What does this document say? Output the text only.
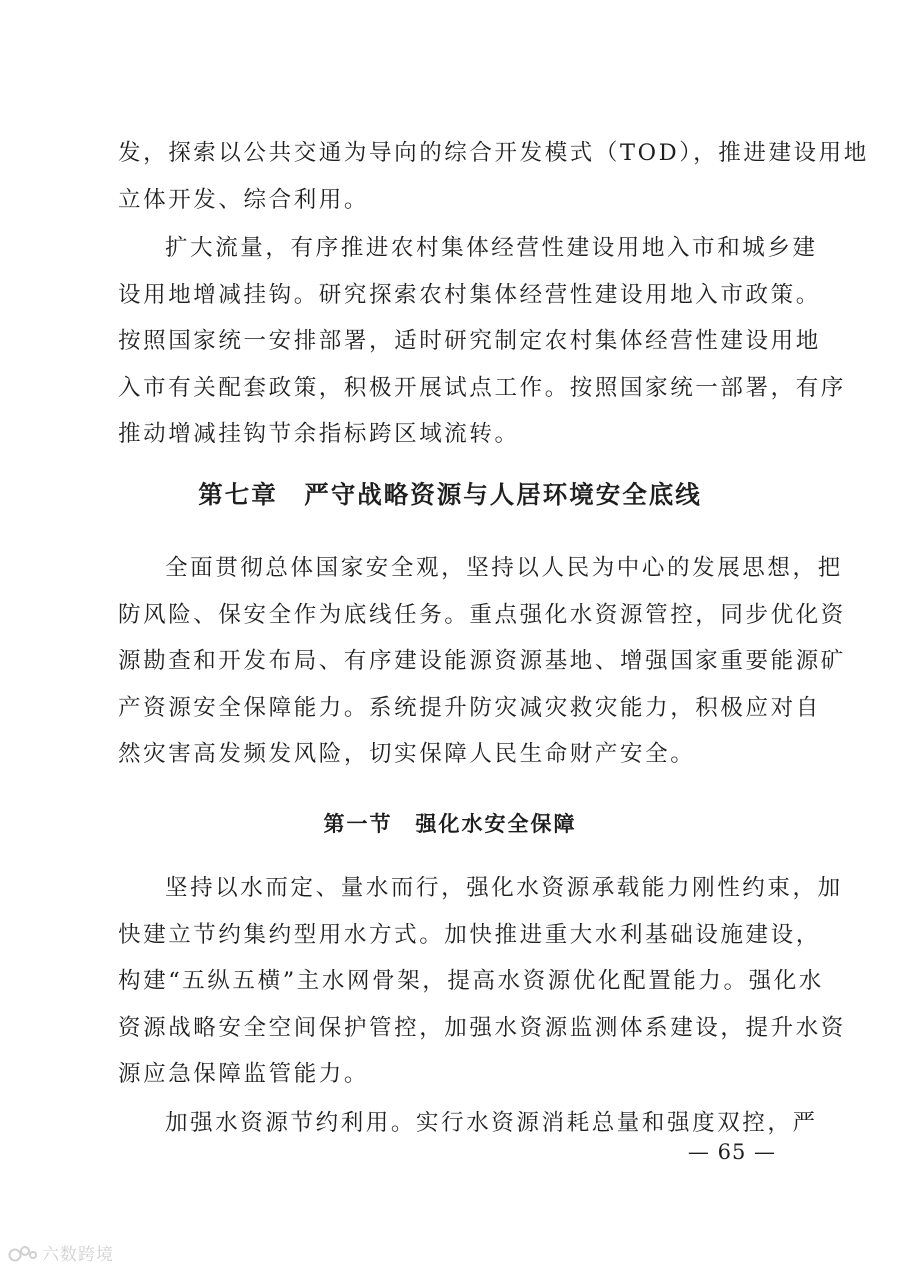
发，探索以公共交通为导向的综合开发模式（TOD），推进建设用地

立体开发、综合利用。

扩大流量，有序推进农村集体经营性建设用地入市和城乡建

设用地增减挂钩。研究探索农村集体经营性建设用地入市政策。

按照国家统一安排部署，适时研究制定农村集体经营性建设用地

入市有关配套政策，积极开展试点工作。按照国家统一部署，有序

推动增减挂钩节余指标跨区域流转。

第七章　严守战略资源与人居环境安全底线

全面贯彻总体国家安全观，坚持以人民为中心的发展思想，把

防风险、保安全作为底线任务。重点强化水资源管控，同步优化资

源勘查和开发布局、有序建设能源资源基地、增强国家重要能源矿

产资源安全保障能力。系统提升防灾减灾救灾能力，积极应对自

然灾害高发频发风险，切实保障人民生命财产安全。

第一节　强化水安全保障

坚持以水而定、量水而行，强化水资源承载能力刚性约束，加

快建立节约集约型用水方式。加快推进重大水利基础设施建设，

构建“五纵五横”主水网骨架，提高水资源优化配置能力。强化水

资源战略安全空间保护管控，加强水资源监测体系建设，提升水资

源应急保障监管能力。

加强水资源节约利用。实行水资源消耗总量和强度双控，严

— 65 —
六数跨境
